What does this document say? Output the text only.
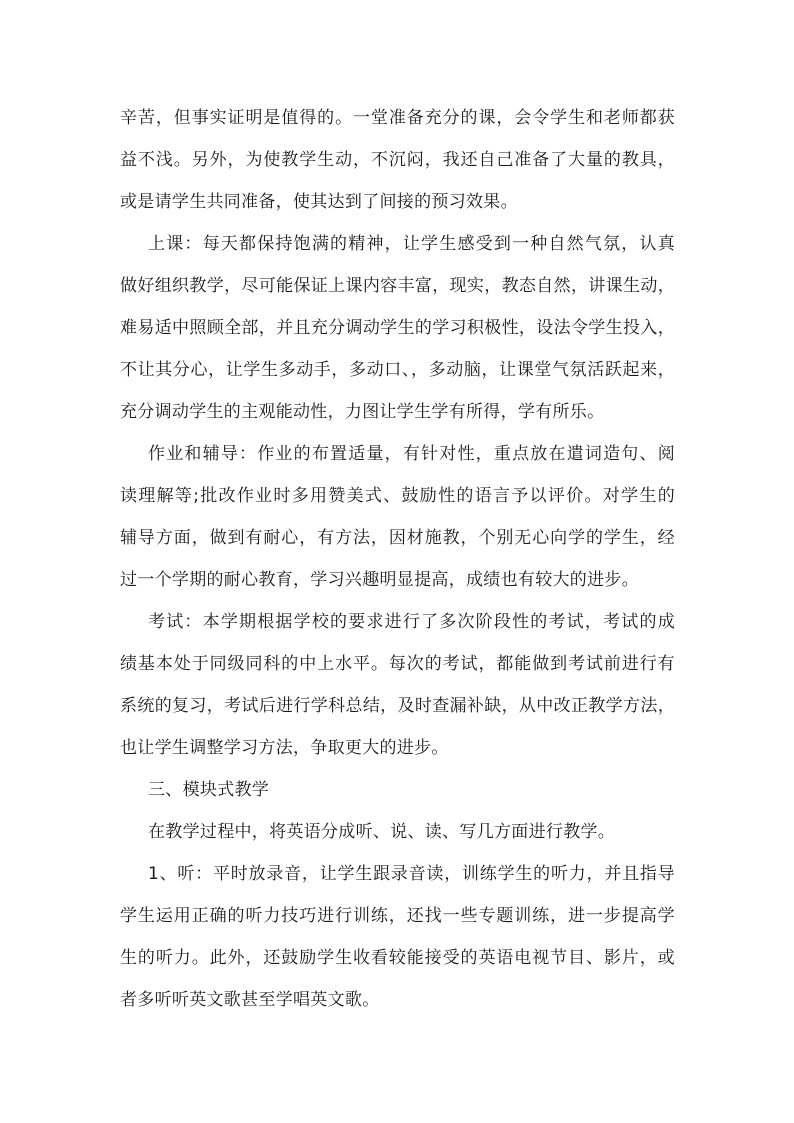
辛苦，但事实证明是值得的。一堂准备充分的课，会令学生和老师都获
益不浅。另外，为使教学生动，不沉闷，我还自己准备了大量的教具，
或是请学生共同准备，使其达到了间接的预习效果。
上课：每天都保持饱满的精神，让学生感受到一种自然气氛，认真
做好组织教学，尽可能保证上课内容丰富，现实，教态自然，讲课生动，
难易适中照顾全部，并且充分调动学生的学习积极性，设法令学生投入，
不让其分心，让学生多动手，多动口、，多动脑，让课堂气氛活跃起来，
充分调动学生的主观能动性，力图让学生学有所得，学有所乐。
作业和辅导：作业的布置适量，有针对性，重点放在遣词造句、阅
读理解等;批改作业时多用赞美式、鼓励性的语言予以评价。对学生的
辅导方面，做到有耐心，有方法，因材施教，个别无心向学的学生，经
过一个学期的耐心教育，学习兴趣明显提高，成绩也有较大的进步。
考试：本学期根据学校的要求进行了多次阶段性的考试，考试的成
绩基本处于同级同科的中上水平。每次的考试，都能做到考试前进行有
系统的复习，考试后进行学科总结，及时查漏补缺，从中改正教学方法，
也让学生调整学习方法，争取更大的进步。
三、模块式教学
在教学过程中，将英语分成听、说、读、写几方面进行教学。
1、听：平时放录音，让学生跟录音读，训练学生的听力，并且指导
学生运用正确的听力技巧进行训练，还找一些专题训练，进一步提高学
生的听力。此外，还鼓励学生收看较能接受的英语电视节目、影片，或
者多听听英文歌甚至学唱英文歌。
